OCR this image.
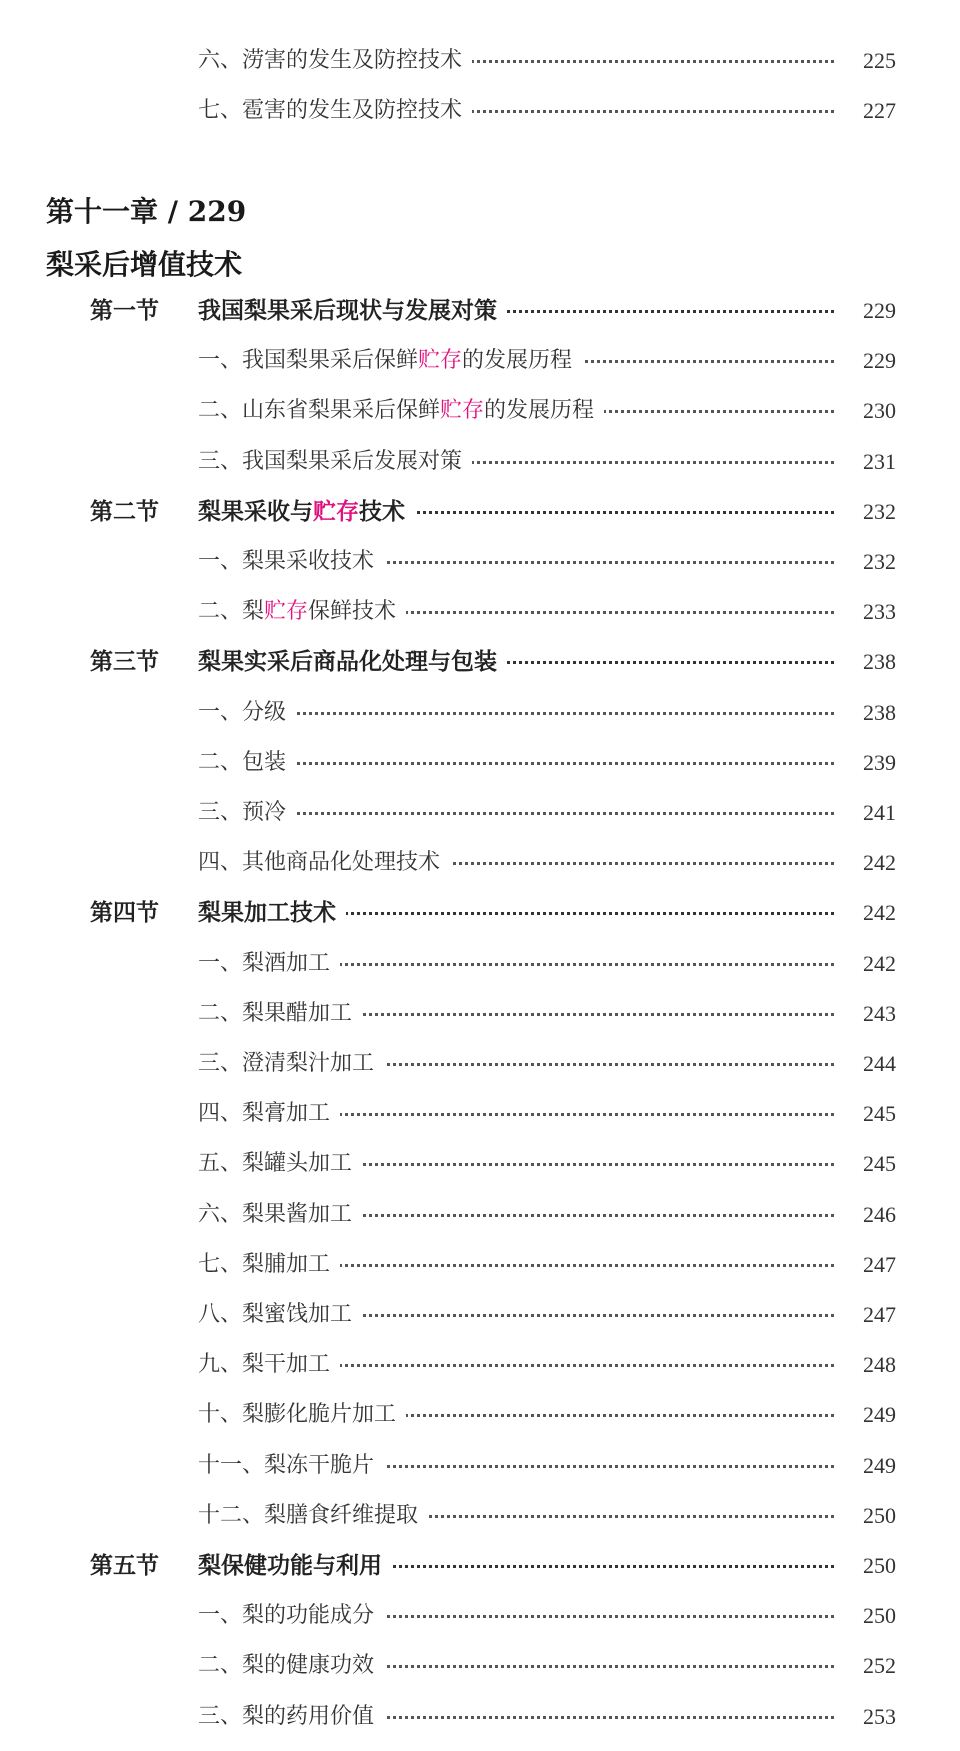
六、涝害的发生及防控技术	225
七、雹害的发生及防控技术	227
第十一章 / 229
梨采后增值技术
第一节 我国梨果采后现状与发展对策	229
一、我国梨果采后保鲜贮存的发展历程	229
二、山东省梨果采后保鲜贮存的发展历程	230
三、我国梨果采后发展对策	231
第二节 梨果采收与贮存技术	232
一、梨果采收技术	232
二、梨贮存保鲜技术	233
第三节 梨果实采后商品化处理与包装	238
一、分级	238
二、包装	239
三、预冷	241
四、其他商品化处理技术	242
第四节 梨果加工技术	242
一、梨酒加工	242
二、梨果醋加工	243
三、澄清梨汁加工	244
四、梨膏加工	245
五、梨罐头加工	245
六、梨果酱加工	246
七、梨脯加工	247
八、梨蜜饯加工	247
九、梨干加工	248
十、梨膨化脆片加工	249
十一、梨冻干脆片	249
十二、梨膳食纤维提取	250
第五节 梨保健功能与利用	250
一、梨的功能成分	250
二、梨的健康功效	252
三、梨的药用价值	253
